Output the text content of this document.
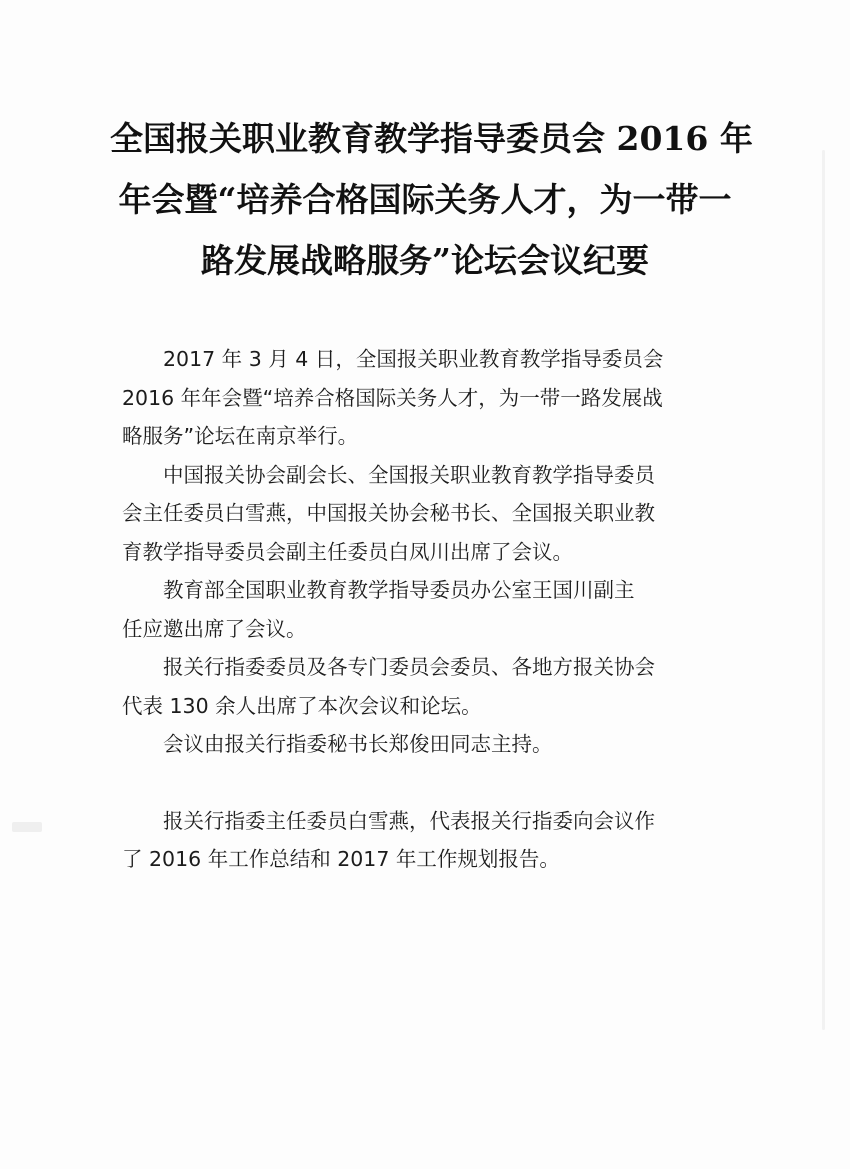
全国报关职业教育教学指导委员会 2016 年
年会暨“培养合格国际关务人才，为一带一
路发展战略服务”论坛会议纪要

2017 年 3 月 4 日，全国报关职业教育教学指导委员会
2016 年年会暨“培养合格国际关务人才，为一带一路发展战
略服务”论坛在南京举行。

中国报关协会副会长、全国报关职业教育教学指导委员
会主任委员白雪燕，中国报关协会秘书长、全国报关职业教
育教学指导委员会副主任委员白凤川出席了会议。

教育部全国职业教育教学指导委员办公室王国川副主
任应邀出席了会议。

报关行指委委员及各专门委员会委员、各地方报关协会
代表 130 余人出席了本次会议和论坛。

会议由报关行指委秘书长郑俊田同志主持。

报关行指委主任委员白雪燕，代表报关行指委向会议作
了 2016 年工作总结和 2017 年工作规划报告。
